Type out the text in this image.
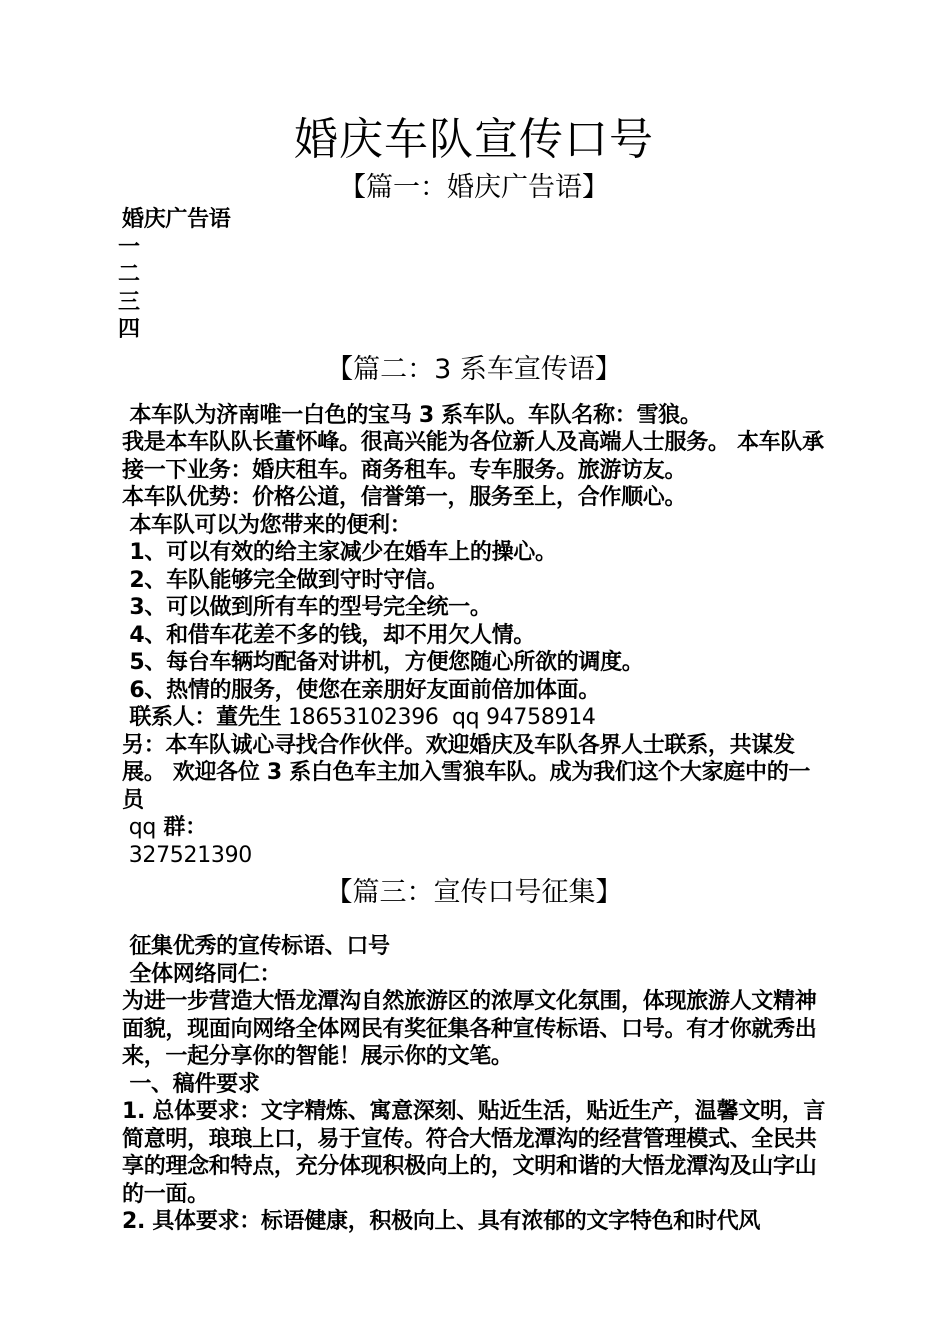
婚庆车队宣传口号
【篇一：婚庆广告语】
婚庆广告语
一
二
三
四
【篇二：3 系车宣传语】
本车队为济南唯一白色的宝马 3 系车队。车队名称：雪狼。
我是本车队队长董怀峰。很高兴能为各位新人及高端人士服务。 本车队承接一下业务：婚庆租车。商务租车。专车服务。旅游访友。
本车队优势：价格公道，信誉第一，服务至上，合作顺心。
本车队可以为您带来的便利：
1、可以有效的给主家减少在婚车上的操心。
2、车队能够完全做到守时守信。
3、可以做到所有车的型号完全统一。
4、和借车花差不多的钱，却不用欠人情。
5、每台车辆均配备对讲机，方便您随心所欲的调度。
6、热情的服务，使您在亲朋好友面前倍加体面。
联系人：董先生 18653102396  qq 94758914
另：本车队诚心寻找合作伙伴。欢迎婚庆及车队各界人士联系，共谋发展。 欢迎各位 3 系白色车主加入雪狼车队。成为我们这个大家庭中的一员
qq 群：
327521390
【篇三：宣传口号征集】
征集优秀的宣传标语、口号
全体网络同仁：
为进一步营造大悟龙潭沟自然旅游区的浓厚文化氛围，体现旅游人文精神面貌，现面向网络全体网民有奖征集各种宣传标语、口号。有才你就秀出来，一起分享你的智能！展示你的文笔。
一、稿件要求
1. 总体要求：文字精炼、寓意深刻、贴近生活，贴近生产，温馨文明，言简意明，琅琅上口，易于宣传。符合大悟龙潭沟的经营管理模式、全民共享的理念和特点，充分体现积极向上的，文明和谐的大悟龙潭沟及山字山的一面。
2. 具体要求：标语健康，积极向上、具有浓郁的文字特色和时代风
